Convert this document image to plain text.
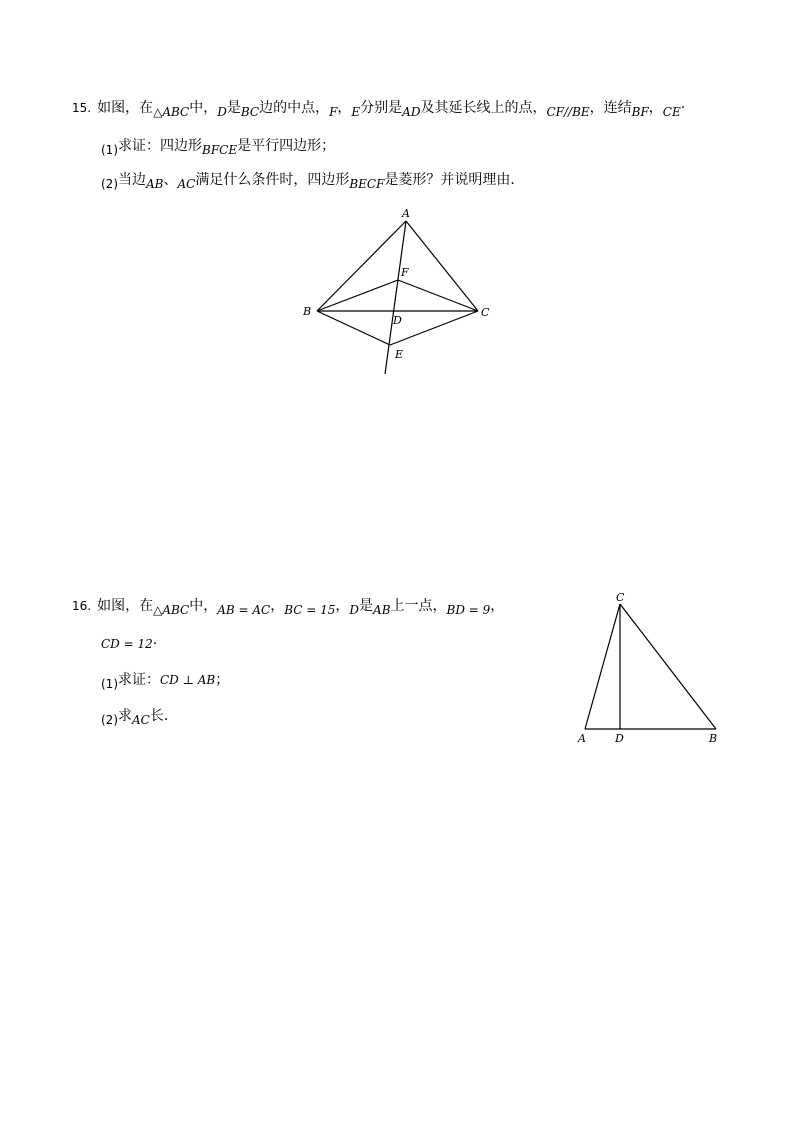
15. 如图，在△ABC中，D是BC边的中点，F，E分别是AD及其延长线上的点，CF//BE，连结BF，CE·
(1)求证：四边形BFCE是平行四边形；
(2)当边AB、AC满足什么条件时，四边形BECF是菱形？并说明理由．
A
B	C
D
E
F
16. 如图，在△ABC中，AB = AC，BC = 15，D是AB上一点，BD = 9，
CD = 12·
(1)求证：CD ⊥ AB；
(2)求AC长．
C
A	D	B
